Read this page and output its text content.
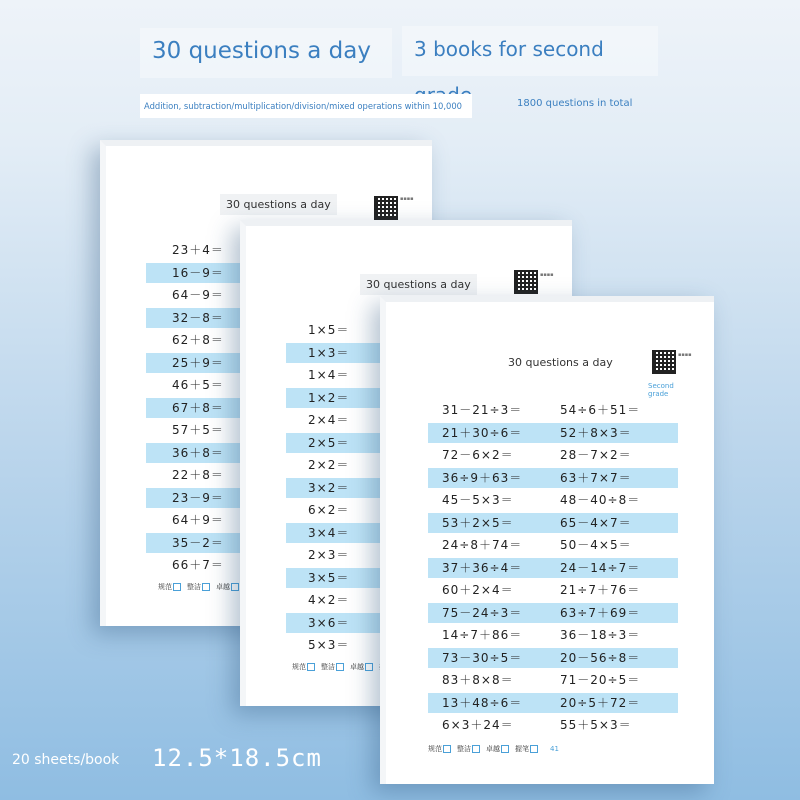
30 questions a day	3 books for second
Addition, subtraction/multiplication/division/mixed operations within 10,000	1800 questions in total
30 questions a day	▪▪▪▪
23＋4＝
16－9＝
64－9＝
32－8＝
62＋8＝
25＋9＝
46＋5＝
67＋8＝
57＋5＝
36＋8＝
22＋8＝
23－9＝
64＋9＝
35－2＝
66＋7＝
规范 整洁 卓越
30 questions a day
▪▪▪▪
1×5＝
1×3＝
1×4＝
1×2＝
2×4＝
2×5＝
2×2＝
3×2＝
6×2＝
3×4＝
2×3＝
3×5＝
4×2＝
3×6＝
5×3＝
规范 整洁 卓越
30 questions a day
▪▪▪▪
Second grade
31－21÷3＝	54÷6＋51＝
21＋30÷6＝	52＋8×3＝
72－6×2＝	28－7×2＝
36÷9＋63＝	63＋7×7＝
45－5×3＝	48－40÷8＝
53＋2×5＝	65－4×7＝
24÷8＋74＝	50－4×5＝
37＋36÷4＝	24－14÷7＝
60＋2×4＝	21÷7＋76＝
75－24÷3＝	63÷7＋69＝
14÷7＋86＝	36－18÷3＝
73－30÷5＝	20－56÷8＝
83＋8×8＝	71－20÷5＝
13＋48÷6＝	20÷5＋72＝
6×3＋24＝	55＋5×3＝
规范 整洁 卓越 握笔	41
20 sheets/book 12.5*18.5cm
